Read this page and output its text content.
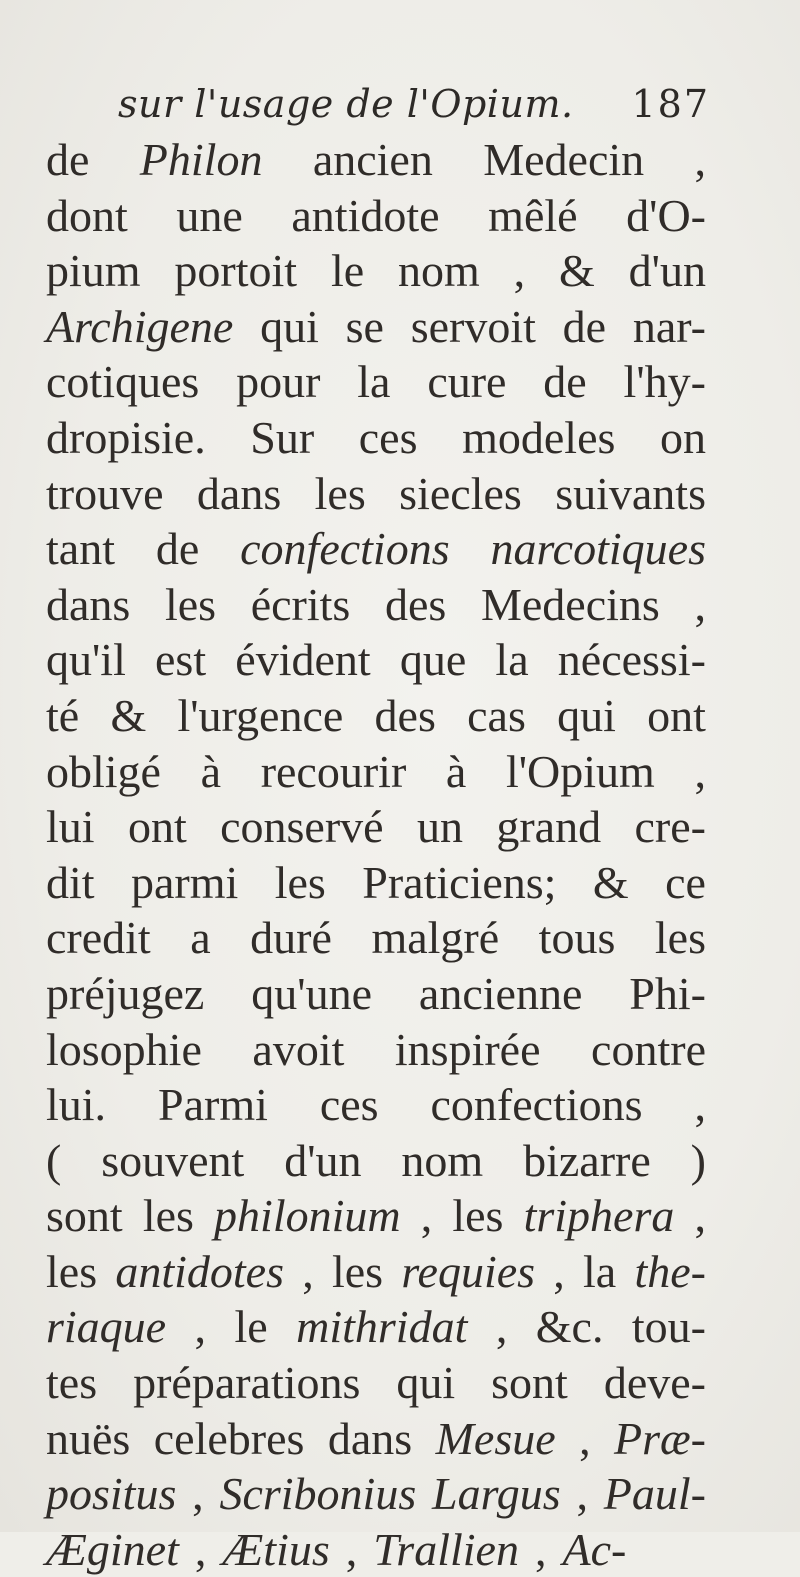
sur l'usage de l'Opium. 187
de Philon ancien Medecin ,
dont une antidote mêlé d'O-
pium portoit le nom , & d'un
Archigene qui se servoit de nar-
cotiques pour la cure de l'hy-
dropisie. Sur ces modeles on
trouve dans les siecles suivants
tant de confections narcotiques
dans les écrits des Medecins ,
qu'il est évident que la nécessi-
té & l'urgence des cas qui ont
obligé à recourir à l'Opium ,
lui ont conservé un grand cre-
dit parmi les Praticiens; & ce
credit a duré malgré tous les
préjugez qu'une ancienne Phi-
losophie avoit inspirée contre
lui. Parmi ces confections ,
( souvent d'un nom bizarre )
sont les philonium , les triphera ,
les antidotes , les requies , la the-
riaque , le mithridat , &c. tou-
tes préparations qui sont deve-
nuës celebres dans Mesue , Præ-
positus , Scribonius Largus , Paul-
Æginet , Ætius , Trallien , Ac-
